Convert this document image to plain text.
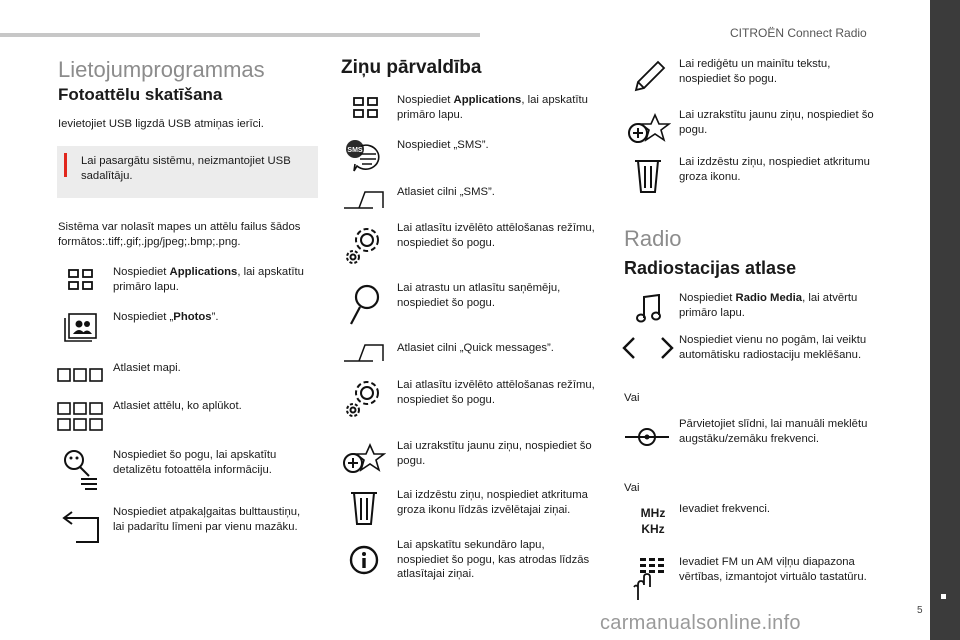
CITROËN Connect Radio
5
carmanualsonline.info
Lietojumprogrammas
Fotoattēlu skatīšana
Ievietojiet USB ligzdā USB atmiņas ierīci.
Lai pasargātu sistēmu, neizmantojiet USB sadalītāju.
Sistēma var nolasīt mapes un attēlu failus šādos formātos:.tiff;.gif;.jpg/jpeg;.bmp;.png.
Nospiediet Applications, lai apskatītu primāro lapu.
Nospiediet „Photos”.
Atlasiet mapi.
Atlasiet attēlu, ko aplūkot.
Nospiediet šo pogu, lai apskatītu detalizētu fotoattēla informāciju.
Nospiediet atpakaļgaitas bulttaustiņu, lai padarītu līmeni par vienu mazāku.
Ziņu pārvaldība
SMS
Nospiediet Applications, lai apskatītu primāro lapu.
Nospiediet „SMS”.
Atlasiet cilni „SMS”.
Lai atlasītu izvēlēto attēlošanas režīmu, nospiediet šo pogu.
Lai atrastu un atlasītu saņēmēju, nospiediet šo pogu.
Atlasiet cilni „Quick messages”.
Lai atlasītu izvēlēto attēlošanas režīmu, nospiediet šo pogu.
Lai uzrakstītu jaunu ziņu, nospiediet šo pogu.
Lai izdzēstu ziņu, nospiediet atkrituma groza ikonu līdzās izvēlētajai ziņai.
Lai apskatītu sekundāro lapu, nospiediet šo pogu, kas atrodas līdzās atlasītajai ziņai.
Lai rediģētu un mainītu tekstu, nospiediet šo pogu.
Lai uzrakstītu jaunu ziņu, nospiediet šo pogu.
Lai izdzēstu ziņu, nospiediet atkritumu groza ikonu.
Radio
Radiostacijas atlase
Vai
Vai
MHz
KHz
Nospiediet Radio Media, lai atvērtu primāro lapu.
Nospiediet vienu no pogām, lai veiktu automātisku radiostaciju meklēšanu.
Pārvietojiet slīdni, lai manuāli meklētu augstāku/zemāku frekvenci.
Ievadiet frekvenci.
Ievadiet FM un AM viļņu diapazona vērtības, izmantojot virtuālo tastatūru.
